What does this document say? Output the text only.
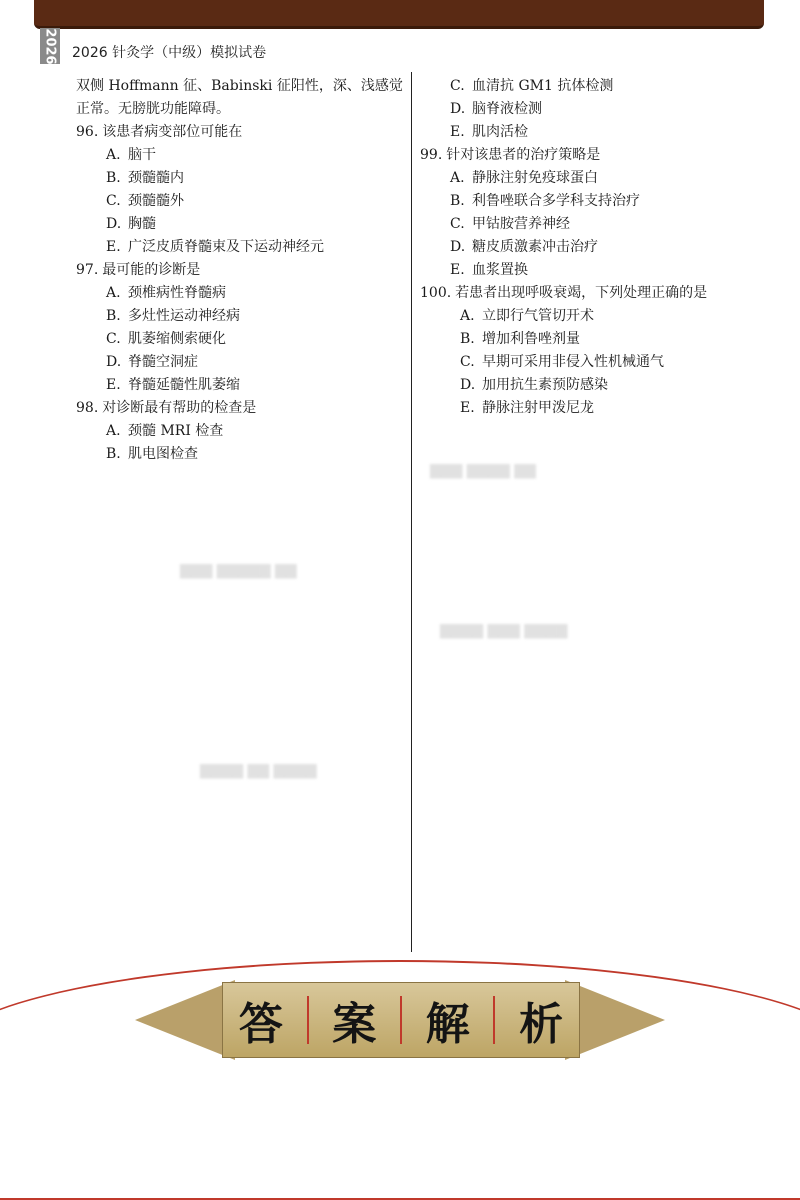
2026 2026 针灸学（中级）模拟试卷
▇▇▇ ▇▇▇▇ ▇▇
▇▇▇▇ ▇▇▇ ▇▇▇▇
▇▇▇ ▇▇▇▇▇ ▇▇
▇▇▇▇ ▇▇ ▇▇▇▇

双侧 Hoffmann 征、Babinski 征阳性，深、浅感觉

正常。无膀胱功能障碍。

96. 该患者病变部位可能在
A. 脑干
B. 颈髓髓内
C. 颈髓髓外
D. 胸髓
E. 广泛皮质脊髓束及下运动神经元
97. 最可能的诊断是
A. 颈椎病性脊髓病
B. 多灶性运动神经病
C. 肌萎缩侧索硬化
D. 脊髓空洞症
E. 脊髓延髓性肌萎缩
98. 对诊断最有帮助的检查是
A. 颈髓 MRI 检查
B. 肌电图检查
C. 血清抗 GM1 抗体检测
D. 脑脊液检测
E. 肌肉活检
99. 针对该患者的治疗策略是
A. 静脉注射免疫球蛋白
B. 利鲁唑联合多学科支持治疗
C. 甲钴胺营养神经
D. 糖皮质激素冲击治疗
E. 血浆置换
100. 若患者出现呼吸衰竭，下列处理正确的是
A. 立即行气管切开术
B. 增加利鲁唑剂量
C. 早期可采用非侵入性机械通气
D. 加用抗生素预防感染
E. 静脉注射甲泼尼龙
答 案 解 析
